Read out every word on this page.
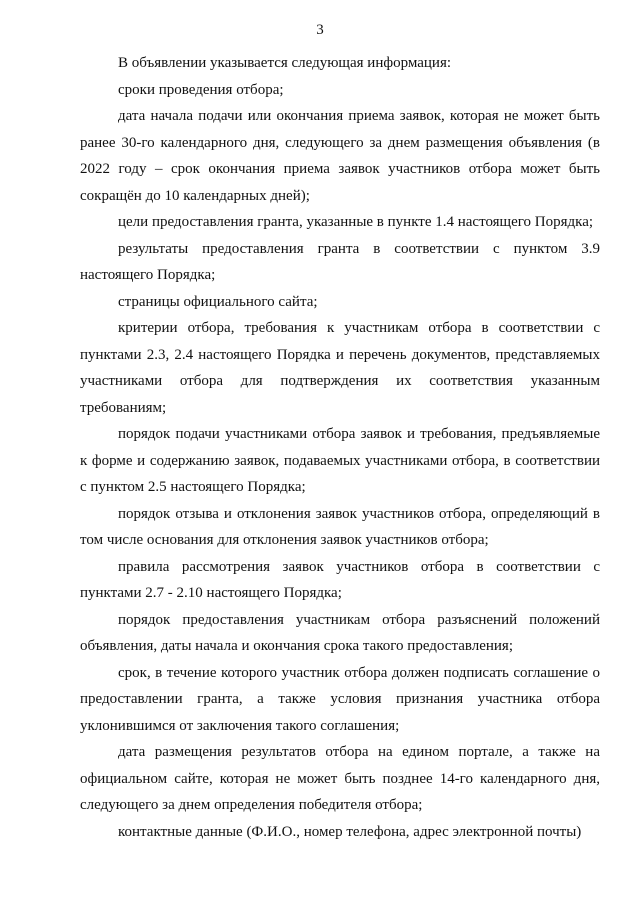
3

В объявлении указывается следующая информация:

сроки проведения отбора;

дата начала подачи или окончания приема заявок, которая не может быть
ранее 30-го календарного дня, следующего за днем размещения объявления (в
2022 году – срок окончания приема заявок участников отбора может быть
сокращён до 10 календарных дней);

цели предоставления гранта, указанные в пункте 1.4 настоящего Порядка;

результаты предоставления гранта в соответствии с пунктом 3.9
настоящего Порядка;

страницы официального сайта;

критерии отбора, требования к участникам отбора в соответствии с
пунктами 2.3, 2.4 настоящего Порядка и перечень документов, представляемых
участниками отбора для подтверждения их соответствия указанным
требованиям;

порядок подачи участниками отбора заявок и требования, предъявляемые
к форме и содержанию заявок, подаваемых участниками отбора, в соответствии
с пунктом 2.5 настоящего Порядка;

порядок отзыва и отклонения заявок участников отбора, определяющий в
том числе основания для отклонения заявок участников отбора;

правила рассмотрения заявок участников отбора в соответствии с
пунктами 2.7 - 2.10 настоящего Порядка;

порядок предоставления участникам отбора разъяснений положений
объявления, даты начала и окончания срока такого предоставления;

срок, в течение которого участник отбора должен подписать соглашение о
предоставлении гранта, а также условия признания участника отбора
уклонившимся от заключения такого соглашения;

дата размещения результатов отбора на едином портале, а также на
официальном сайте, которая не может быть позднее 14-го календарного дня,
следующего за днем определения победителя отбора;

контактные данные (Ф.И.О., номер телефона, адрес электронной почты)
